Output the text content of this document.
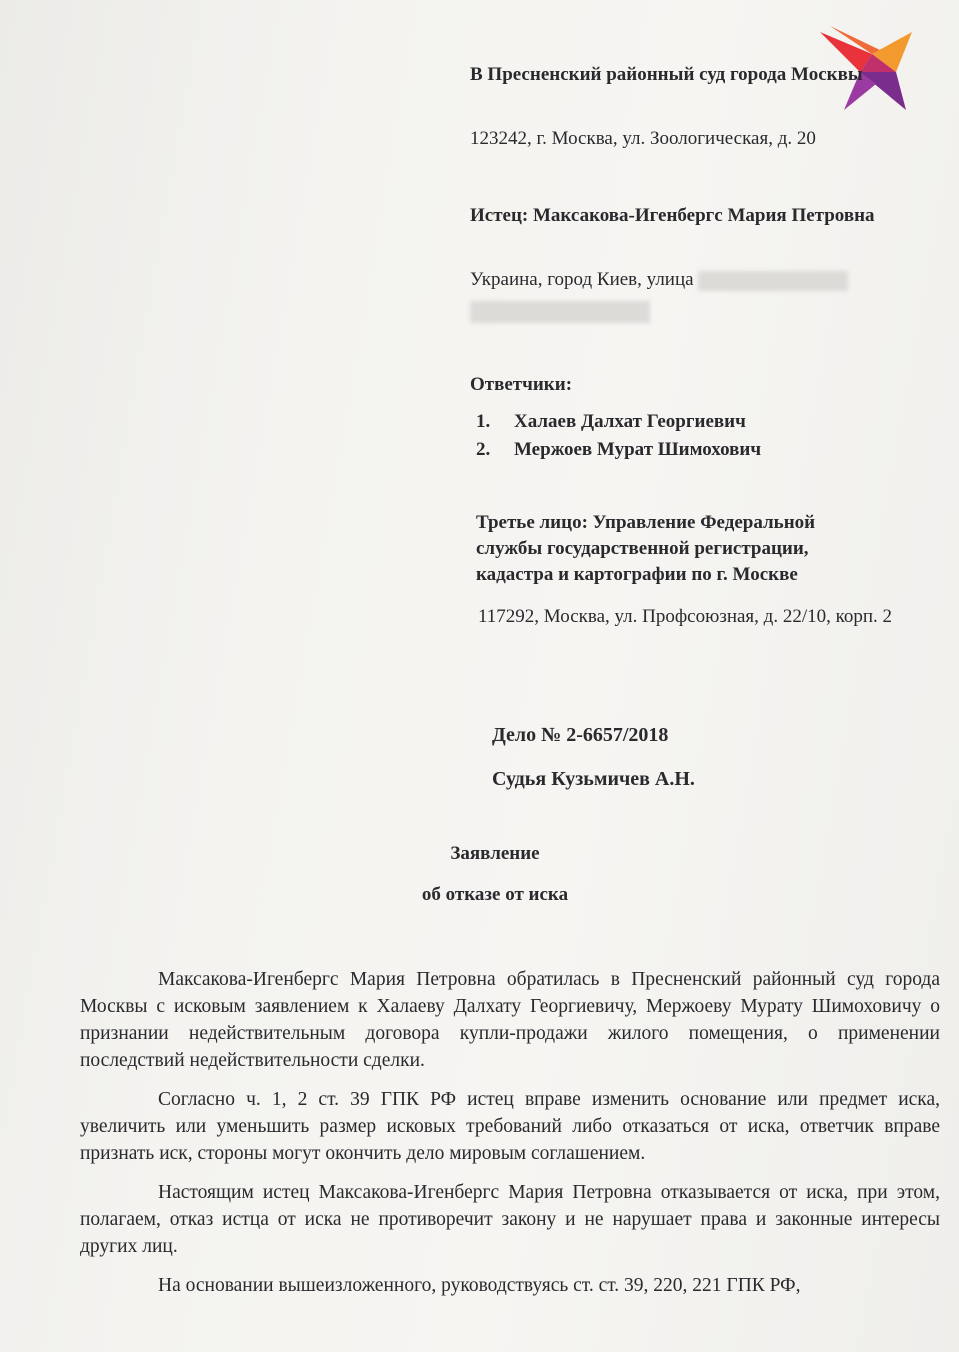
В Пресненский районный суд города Москвы
123242, г. Москва, ул. Зоологическая, д. 20
Истец: Максакова-Игенбергс Мария Петровна
Украина, город Киев, улица
Ответчики:
1.	Халаев Далхат Георгиевич
2.	Мержоев Мурат Шимохович
Третье лицо: Управление Федеральной службы государственной регистрации, кадастра и картографии по г. Москве
117292, Москва, ул. Профсоюзная, д. 22/10, корп. 2
Дело № 2-6657/2018
Судья Кузьмичев А.Н.
Заявление
об отказе от иска

Максакова-Игенбергс Мария Петровна обратилась в Пресненский районный суд города Москвы с исковым заявлением к Халаеву Далхату Георгиевичу, Мержоеву Мурату Шимоховичу о признании недействительным договора купли-продажи жилого помещения, о применении последствий недействительности сделки.

Согласно ч. 1, 2 ст. 39 ГПК РФ истец вправе изменить основание или предмет иска, увеличить или уменьшить размер исковых требований либо отказаться от иска, ответчик вправе признать иск, стороны могут окончить дело мировым соглашением.

Настоящим истец Максакова-Игенбергс Мария Петровна отказывается от иска, при этом, полагаем, отказ истца от иска не противоречит закону и не нарушает права и законные интересы других лиц.

На основании вышеизложенного, руководствуясь ст. ст. 39, 220, 221 ГПК РФ,
